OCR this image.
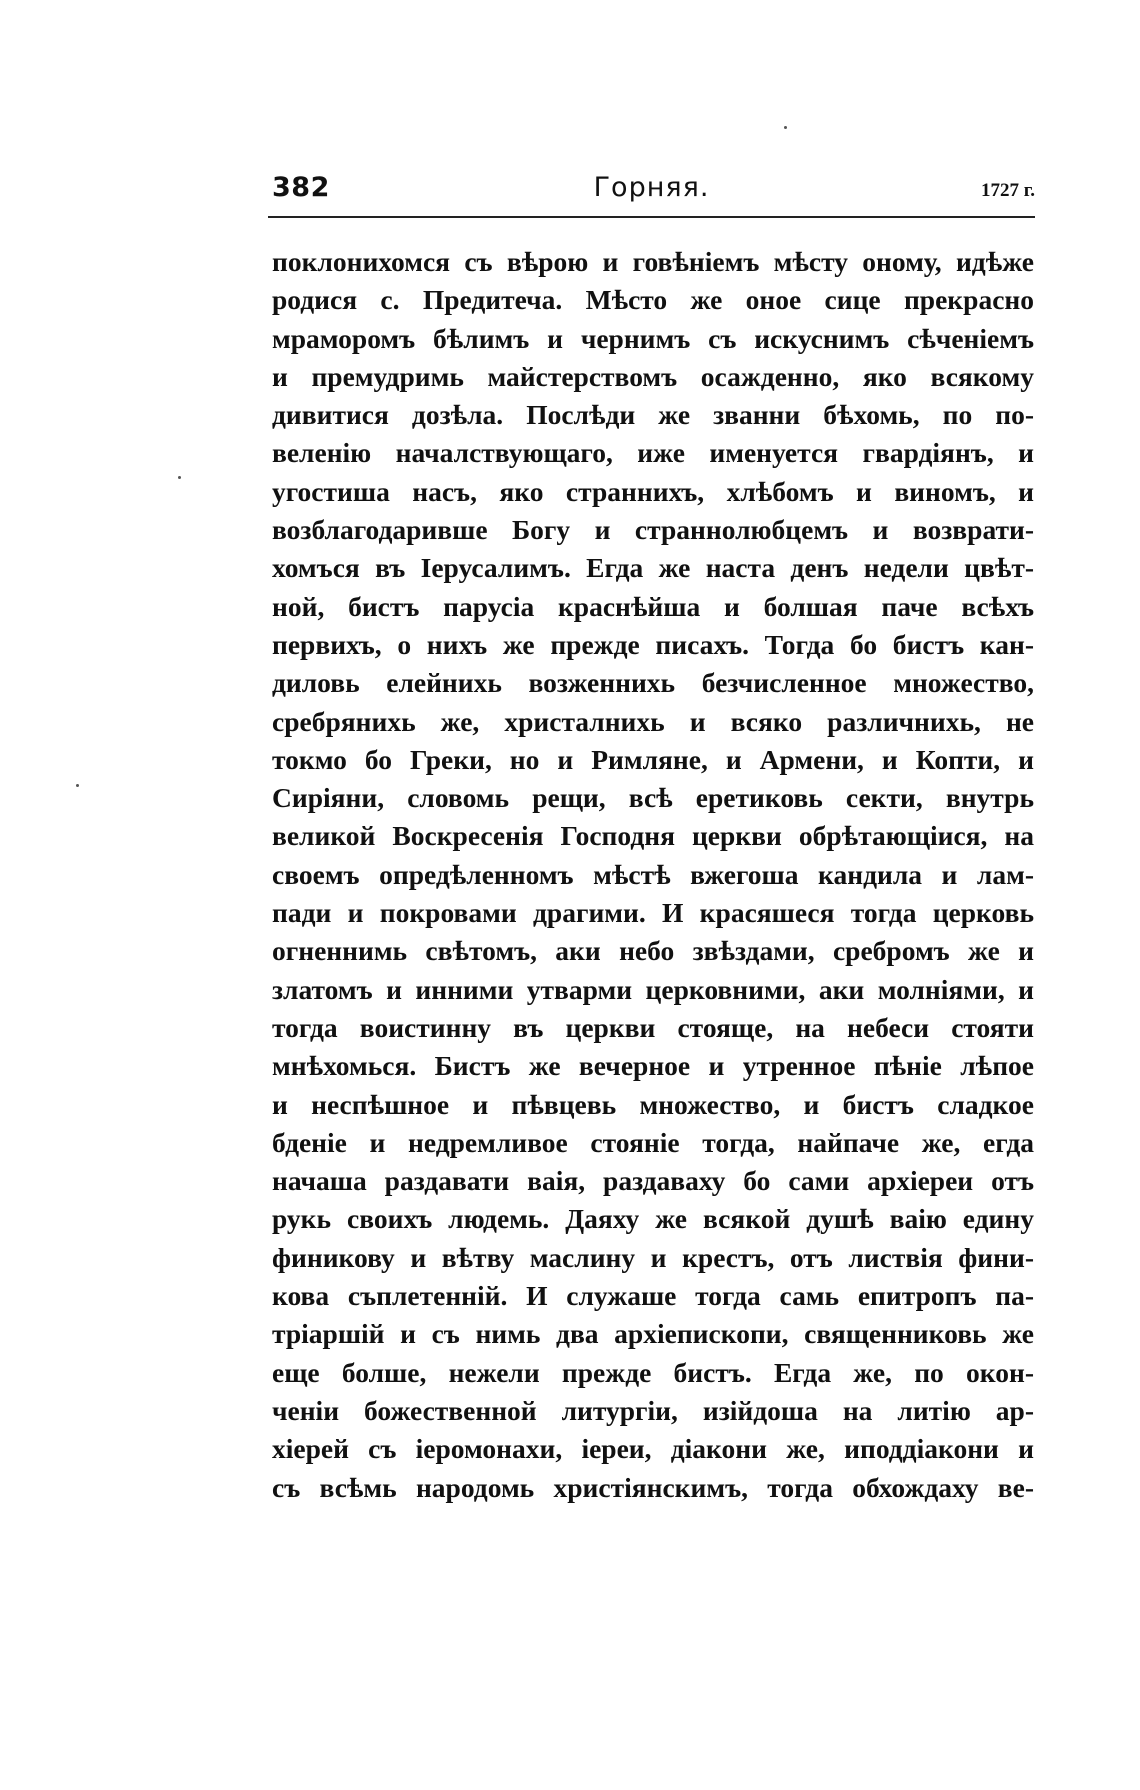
382	Горняя.	1727 г.
поклонихомся съ вѣрою и говѣніемъ мѣсту оному, идѣже
родися с. Предитеча. Мѣсто же оное сице прекрасно
мраморомъ бѣлимъ и чернимъ съ искуснимъ сѣченіемъ
и премудримь майстерствомъ осажденно, яко всякому
дивитися дозѣла. Послѣди же званни бѣхомь, по по-
веленію началствующаго, иже именуется гвардіянъ, и
угостиша насъ, яко страннихъ, хлѣбомъ и виномъ, и
возблагодаривше Богу и страннолюбцемъ и возврати-
хомъся въ Іерусалимъ. Егда же наста денъ недели цвѣт-
ной, бистъ парусіа краснѣйша и болшая паче всѣхъ
первихъ, о нихъ же прежде писахъ. Тогда бо бистъ кан-
диловь елейнихь возженнихь безчисленное множество,
сребрянихь же, христалнихь и всяко различнихь, не
токмо бо Греки, но и Римляне, и Армени, и Копти, и
Сиріяни, словомь рещи, всѣ еретиковь секти, внутрь
великой Воскресенія Господня церкви обрѣтающіися, на
своемъ опредѣленномъ мѣстѣ вжегоша кандила и лам-
пади и покровами драгими. И красяшеся тогда церковь
огненнимь свѣтомъ, аки небо звѣздами, сребромъ же и
златомъ и инними утварми церковними, аки молніями, и
тогда воистинну въ церкви стояще, на небеси стояти
мнѣхомься. Бистъ же вечерное и утренное пѣніе лѣпое
и неспѣшное и пѣвцевь множество, и бистъ сладкое
бденіе и недремливое стояніе тогда, найпаче же, егда
начаша раздавати ваія, раздаваху бо сами архіереи отъ
рукь своихъ людемь. Даяху же всякой душѣ ваію едину
финикову и вѣтву маслину и крестъ, отъ листвія фини-
кова съплетенній. И служаше тогда самь епитропъ па-
тріаршій и съ нимь два архіепископи, священниковь же
еще болше, нежели прежде бистъ. Егда же, по окон-
ченіи божественной литургіи, изійдоша на литію ар-
хіерей съ іеромонахи, іереи, діакони же, иподдіакони и
съ всѣмь народомь христіянскимъ, тогда обхождаху ве-
